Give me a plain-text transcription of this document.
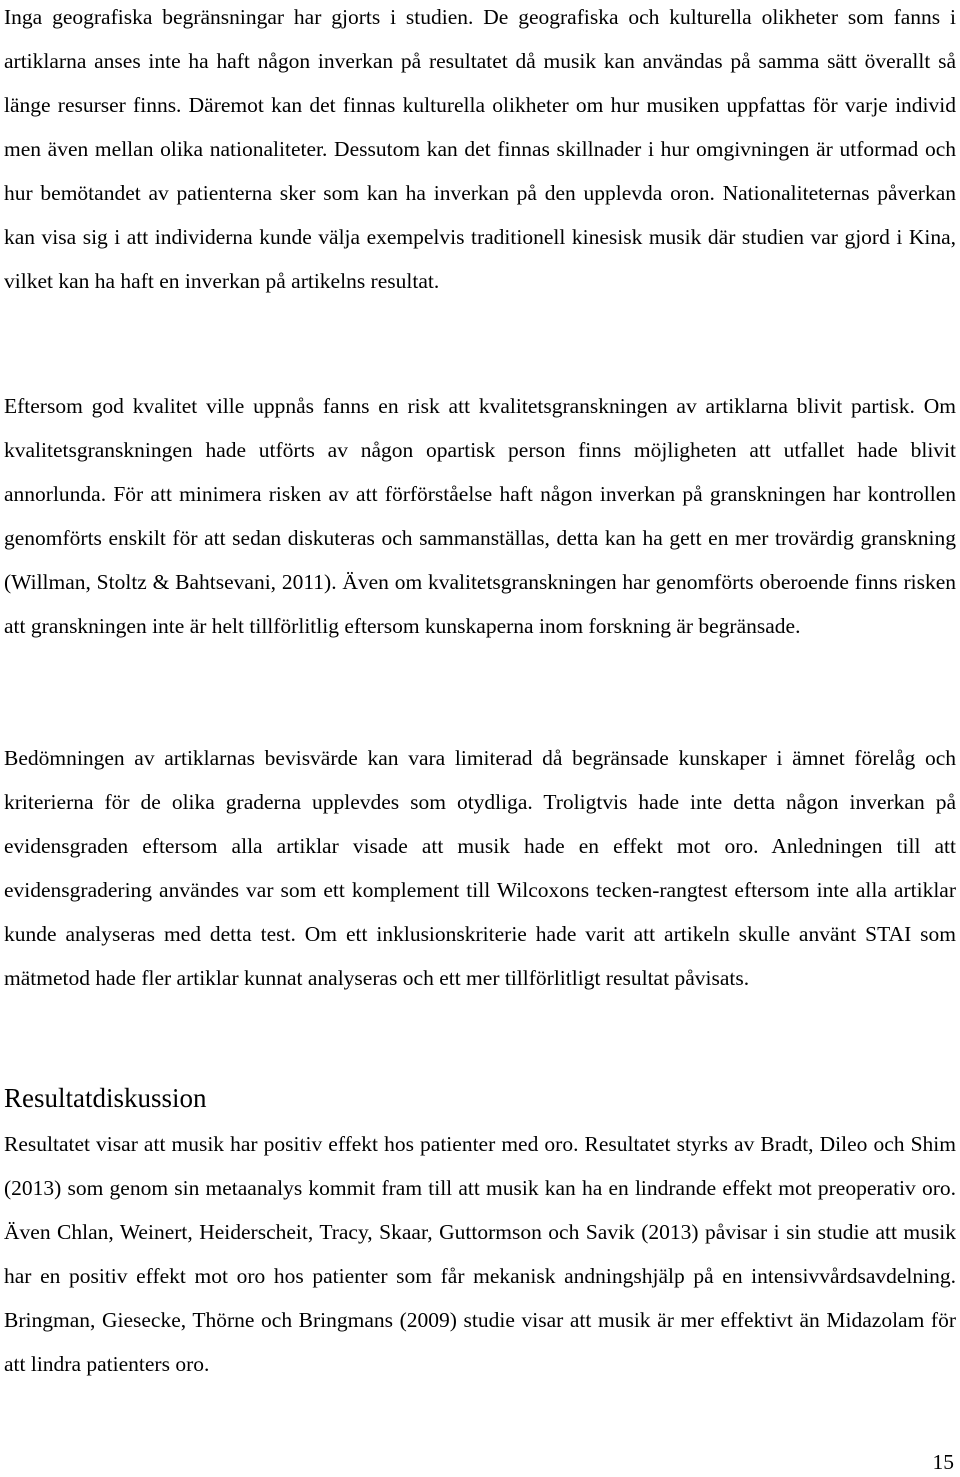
Inga geografiska begränsningar har gjorts i studien. De geografiska och kulturella olikheter som fanns i artiklarna anses inte ha haft någon inverkan på resultatet då musik kan användas på samma sätt överallt så länge resurser finns. Däremot kan det finnas kulturella olikheter om hur musiken uppfattas för varje individ men även mellan olika nationaliteter. Dessutom kan det finnas skillnader i hur omgivningen är utformad och hur bemötandet av patienterna sker som kan ha inverkan på den upplevda oron. Nationaliteternas påverkan kan visa sig i att individerna kunde välja exempelvis traditionell kinesisk musik där studien var gjord i Kina, vilket kan ha haft en inverkan på artikelns resultat.

Eftersom god kvalitet ville uppnås fanns en risk att kvalitetsgranskningen av artiklarna blivit partisk. Om kvalitetsgranskningen hade utförts av någon opartisk person finns möjligheten att utfallet hade blivit annorlunda. För att minimera risken av att förförståelse haft någon inverkan på granskningen har kontrollen genomförts enskilt för att sedan diskuteras och sammanställas, detta kan ha gett en mer trovärdig granskning (Willman, Stoltz & Bahtsevani, 2011). Även om kvalitetsgranskningen har genomförts oberoende finns risken att granskningen inte är helt tillförlitlig eftersom kunskaperna inom forskning är begränsade.

Bedömningen av artiklarnas bevisvärde kan vara limiterad då begränsade kunskaper i ämnet förelåg och kriterierna för de olika graderna upplevdes som otydliga. Troligtvis hade inte detta någon inverkan på evidensgraden eftersom alla artiklar visade att musik hade en effekt mot oro. Anledningen till att evidensgradering användes var som ett komplement till Wilcoxons tecken-rangtest eftersom inte alla artiklar kunde analyseras med detta test. Om ett inklusionskriterie hade varit att artikeln skulle använt STAI som mätmetod hade fler artiklar kunnat analyseras och ett mer tillförlitligt resultat påvisats.

Resultatdiskussion

Resultatet visar att musik har positiv effekt hos patienter med oro. Resultatet styrks av Bradt, Dileo och Shim (2013) som genom sin metaanalys kommit fram till att musik kan ha en lindrande effekt mot preoperativ oro. Även Chlan, Weinert, Heiderscheit, Tracy, Skaar, Guttormson och Savik (2013) påvisar i sin studie att musik har en positiv effekt mot oro hos patienter som får mekanisk andningshjälp på en intensivvårdsavdelning. Bringman, Giesecke, Thörne och Bringmans (2009) studie visar att musik är mer effektivt än Midazolam för att lindra patienters oro.

15
